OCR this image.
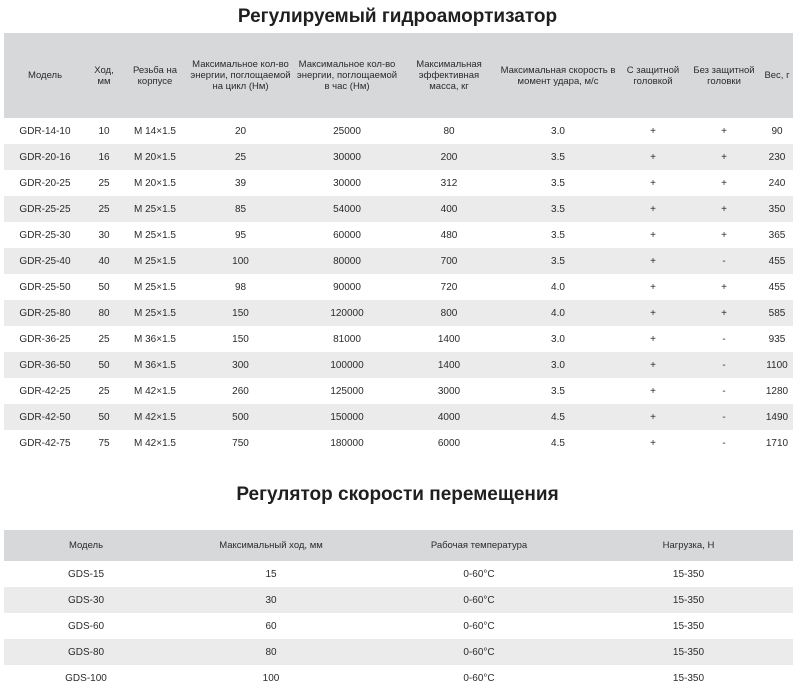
Регулируемый гидроамортизатор
Модель	Ход, мм	Резьба на корпусе	Максимальное кол-во энергии, поглощаемой на цикл (Нм)	Максимальное кол-во энергии, поглощаемой в час (Нм)	Максимальная эффективная масса, кг	Максимальная скорость в момент удара, м/с	С защитной головкой	Без защитной головки	Вес, г
GDR-14-10	10	M 14×1.5	20	25000	80	3.0	+	+	90
GDR-20-16	16	M 20×1.5	25	30000	200	3.5	+	+	230
GDR-20-25	25	M 20×1.5	39	30000	312	3.5	+	+	240
GDR-25-25	25	M 25×1.5	85	54000	400	3.5	+	+	350
GDR-25-30	30	M 25×1.5	95	60000	480	3.5	+	+	365
GDR-25-40	40	M 25×1.5	100	80000	700	3.5	+	-	455
GDR-25-50	50	M 25×1.5	98	90000	720	4.0	+	+	455
GDR-25-80	80	M 25×1.5	150	120000	800	4.0	+	+	585
GDR-36-25	25	M 36×1.5	150	81000	1400	3.0	+	-	935
GDR-36-50	50	M 36×1.5	300	100000	1400	3.0	+	-	1100
GDR-42-25	25	M 42×1.5	260	125000	3000	3.5	+	-	1280
GDR-42-50	50	M 42×1.5	500	150000	4000	4.5	+	-	1490
GDR-42-75	75	M 42×1.5	750	180000	6000	4.5	+	-	1710
Регулятор скорости перемещения
Модель	Максимальный ход, мм	Рабочая температура	Нагрузка, Н
GDS-15	15	0-60°C	15-350
GDS-30	30	0-60°C	15-350
GDS-60	60	0-60°C	15-350
GDS-80	80	0-60°C	15-350
GDS-100	100	0-60°C	15-350
